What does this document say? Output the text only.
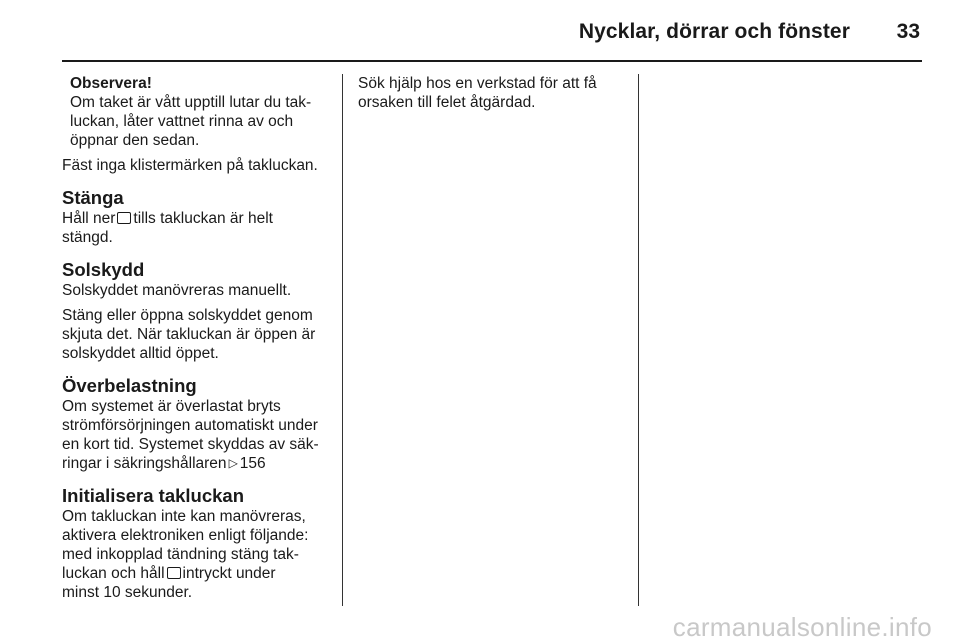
Nycklar, dörrar och fönster	33
Observera!
Om taket är vått upptill lutar du tak-
luckan, låter vattnet rinna av och
öppnar den sedan.

Fäst inga klistermärken på takluckan.

Stänga

Håll ner tills takluckan är helt
stängd.

Solskydd

Solskyddet manövreras manuellt.

Stäng eller öppna solskyddet genom
skjuta det. När takluckan är öppen är
solskyddet alltid öppet.

Överbelastning

Om systemet är överlastat bryts
strömförsörjningen automatiskt under
en kort tid. Systemet skyddas av säk-
ringar i säkringshållaren ▷ 156

Initialisera takluckan

Om takluckan inte kan manövreras,
aktivera elektroniken enligt följande:
med inkopplad tändning stäng tak-
luckan och håll intryckt under
minst 10 sekunder.

Sök hjälp hos en verkstad för att få
orsaken till felet åtgärdad.

carmanualsonline.info
